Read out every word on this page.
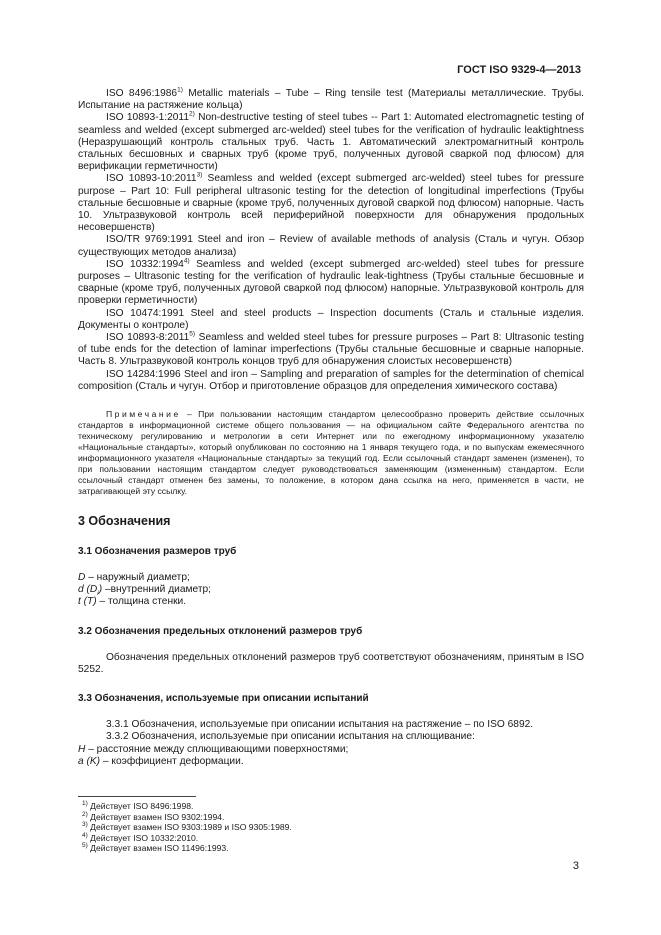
ГОСТ ISO 9329-4—2013

ISO 8496:1986$^{1)}$ Metallic materials – Tube – Ring tensile test (Материалы металлические. Трубы. Испытание на растяжение кольца)

ISO 10893-1:2011$^{2)}$ Non-destructive testing of steel tubes -- Part 1: Automated electromagnetic testing of seamless and welded (except submerged arc-welded) steel tubes for the verification of hydraulic leaktightness (Неразрушающий контроль стальных труб. Часть 1. Автоматический электромагнитный контроль стальных бесшовных и сварных труб (кроме труб, полученных дуговой сваркой под флюсом) для верификации герметичности)

ISO 10893-10:2011$^{3)}$ Seamless and welded (except submerged arc-welded) steel tubes for pressure purpose – Part 10: Full peripheral ultrasonic testing for the detection of longitudinal imperfections (Трубы стальные бесшовные и сварные (кроме труб, полученных дуговой сваркой под флюсом) напорные. Часть 10. Ультразвуковой контроль всей периферийной поверхности для обнаружения продольных несовершенств)

ISO/TR 9769:1991 Steel and iron – Review of available methods of analysis (Сталь и чугун. Обзор существующих методов анализа)

ISO 10332:1994$^{4)}$ Seamless and welded (except submerged arc-welded) steel tubes for pressure purposes – Ultrasonic testing for the verification of hydraulic leak-tightness (Трубы стальные бесшовные и сварные (кроме труб, полученных дуговой сваркой под флюсом) напорные. Ультразвуковой контроль для проверки герметичности)

ISO 10474:1991 Steel and steel products – Inspection documents (Сталь и стальные изделия. Документы о контроле)

ISO 10893-8:2011$^{5)}$ Seamless and welded steel tubes for pressure purposes – Part 8: Ultrasonic testing of tube ends for the detection of laminar imperfections (Трубы стальные бесшовные и сварные напорные. Часть 8. Ультразвуковой контроль концов труб для обнаружения слоистых несовершенств)

ISO 14284:1996 Steel and iron – Sampling and preparation of samples for the determination of chemical composition (Сталь и чугун. Отбор и приготовление образцов для определения химического состава)

Примечание – При пользовании настоящим стандартом целесообразно проверить действие ссылочных стандартов в информационной системе общего пользования — на официальном сайте Федерального агентства по техническому регулированию и метрологии в сети Интернет или по ежегодному информационному указателю «Национальные стандарты», который опубликован по состоянию на 1 января текущего года, и по выпускам ежемесячного информационного указателя «Национальные стандарты» за текущий год. Если ссылочный стандарт заменен (изменен), то при пользовании настоящим стандартом следует руководствоваться заменяющим (измененным) стандартом. Если ссылочный стандарт отменен без замены, то положение, в котором дана ссылка на него, применяется в части, не затрагивающей эту ссылку.

3 Обозначения
3.1 Обозначения размеров труб

D – наружный диаметр;

d $(D_i)$ –внутренний диаметр;

t (T) – толщина стенки.

3.2 Обозначения предельных отклонений размеров труб

Обозначения предельных отклонений размеров труб соответствуют обозначениям, принятым в ISO 5252.

3.3 Обозначения, используемые при описании испытаний

3.3.1 Обозначения, используемые при описании испытания на растяжение – по ISO 6892.

3.3.2 Обозначения, используемые при описании испытания на сплющивание:

H – расстояние между сплющивающими поверхностями;

a (K) – коэффициент деформации.

$^{1)}$ Действует ISO 8496:1998.

$^{2)}$ Действует взамен ISO 9302:1994.

$^{3)}$ Действует взамен ISO 9303:1989 и ISO 9305:1989.

$^{4)}$ Действует ISO 10332:2010.

$^{5)}$ Действует взамен ISO 11496:1993.

3
